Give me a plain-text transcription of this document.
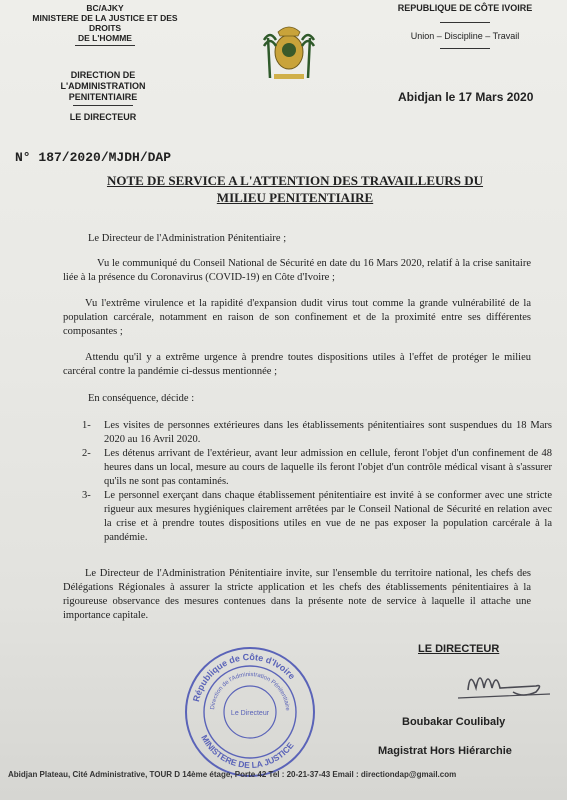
BC/AJKY
MINISTERE DE LA JUSTICE ET DES DROITS
DE L'HOMME
DIRECTION DE L'ADMINISTRATION
PENITENTIAIRE
LE DIRECTEUR
REPUBLIQUE DE CÔTE IVOIRE
Union – Discipline – Travail
Abidjan le 17 Mars 2020
N° 187/2020/MJDH/DAP
NOTE DE SERVICE A L'ATTENTION DES TRAVAILLEURS DU
MILIEU PENITENTIAIRE
Le Directeur de l'Administration Pénitentiaire ;
Vu le communiqué du Conseil National de Sécurité en date du 16 Mars 2020, relatif à la crise sanitaire liée à la présence du Coronavirus (COVID-19) en Côte d'Ivoire ;
Vu l'extrême virulence et la rapidité d'expansion dudit virus tout comme la grande vulnérabilité de la population carcérale, notamment en raison de son confinement et de la proximité entre ses différentes composantes ;
Attendu qu'il y a extrême urgence à prendre toutes dispositions utiles à l'effet de protéger le milieu carcéral contre la pandémie ci-dessus mentionnée ;
En conséquence, décide :
1- Les visites de personnes extérieures dans les établissements pénitentiaires sont suspendues du 18 Mars 2020 au 16 Avril 2020.
2- Les détenus arrivant de l'extérieur, avant leur admission en cellule, feront l'objet d'un confinement de 48 heures dans un local, mesure au cours de laquelle ils feront l'objet d'un contrôle médical visant à s'assurer qu'ils ne sont pas contaminés.
3- Le personnel exerçant dans chaque établissement pénitentiaire est invité à se conformer avec une stricte rigueur aux mesures hygiéniques clairement arrêtées par le Conseil National de Sécurité en relation avec la crise et à prendre toutes dispositions utiles en vue de ne pas exposer la population carcérale à la pandémie.
Le Directeur de l'Administration Pénitentiaire invite, sur l'ensemble du territoire national, les chefs des Délégations Régionales à assurer la stricte application et les chefs des établissements pénitentiaires à la rigoureuse observance des mesures contenues dans la présente note de service à laquelle il attache une importance capitale.
LE DIRECTEUR
Boubakar Coulibaly
Magistrat Hors Hiérarchie
République de Côte d'Ivoire
Direction de l'Administration Pénitentiaire
MINISTERE DE LA JUSTICE
Le Directeur
Abidjan Plateau, Cité Administrative, TOUR D 14ème étage, Porte 42 Tel : 20-21-37-43 Email : directiondap@gmail.com
